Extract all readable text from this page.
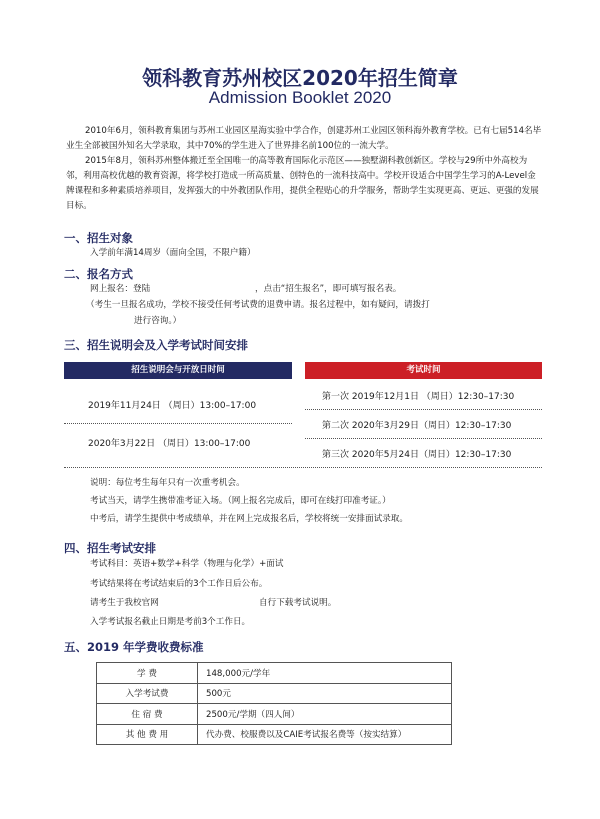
领科教育苏州校区2020年招生简章
Admission Booklet 2020

2010年6月，领科教育集团与苏州工业园区星海实验中学合作，创建苏州工业园区领科海外教育学校。已有七届514名毕业生全部被国外知名大学录取，其中70%的学生进入了世界排名前100位的一流大学。

2015年8月，领科苏州整体搬迁至全国唯一的高等教育国际化示范区——独墅湖科教创新区。学校与29所中外高校为邻，利用高校优越的教育资源，将学校打造成一所高质量、创特色的一流科技高中。学校开设适合中国学生学习的A-Level金牌课程和多种素质培养项目，发挥强大的中外教团队作用，提供全程贴心的升学服务，帮助学生实现更高、更远、更强的发展目标。

一、招生对象
入学前年满14周岁（面向全国，不限户籍）
二、报名方式
网上报名：登陆	，点击“招生报名”，即可填写报名表。
（考生一旦报名成功，学校不接受任何考试费的退费申请。报名过程中，如有疑问，请拨打
进行咨询。）
三、招生说明会及入学考试时间安排
招生说明会与开放日时间	考试时间
2019年11月24日 （周日）13:00–17:00
2020年3月22日 （周日）13:00–17:00
第一次 2019年12月1日 （周日）12:30–17:30
第二次 2020年3月29日（周日）12:30–17:30
第三次 2020年5月24日（周日）12:30–17:30
说明：每位考生每年只有一次重考机会。
考试当天，请学生携带准考证入场。（网上报名完成后，即可在线打印准考证。）
中考后，请学生提供中考成绩单，并在网上完成报名后，学校将统一安排面试录取。
四、招生考试安排
考试科目：英语+数学+科学（物理与化学）+面试
考试结果将在考试结束后的3个工作日后公布。
请考生于我校官网	自行下载考试说明。
入学考试报名截止日期是考前3个工作日。
五、2019 年学费收费标准
学 费	148,000元/学年
入学考试费	500元
住 宿 费	2500元/学期（四人间）
其 他 费 用	代办费、校服费以及CAIE考试报名费等（按实结算）
